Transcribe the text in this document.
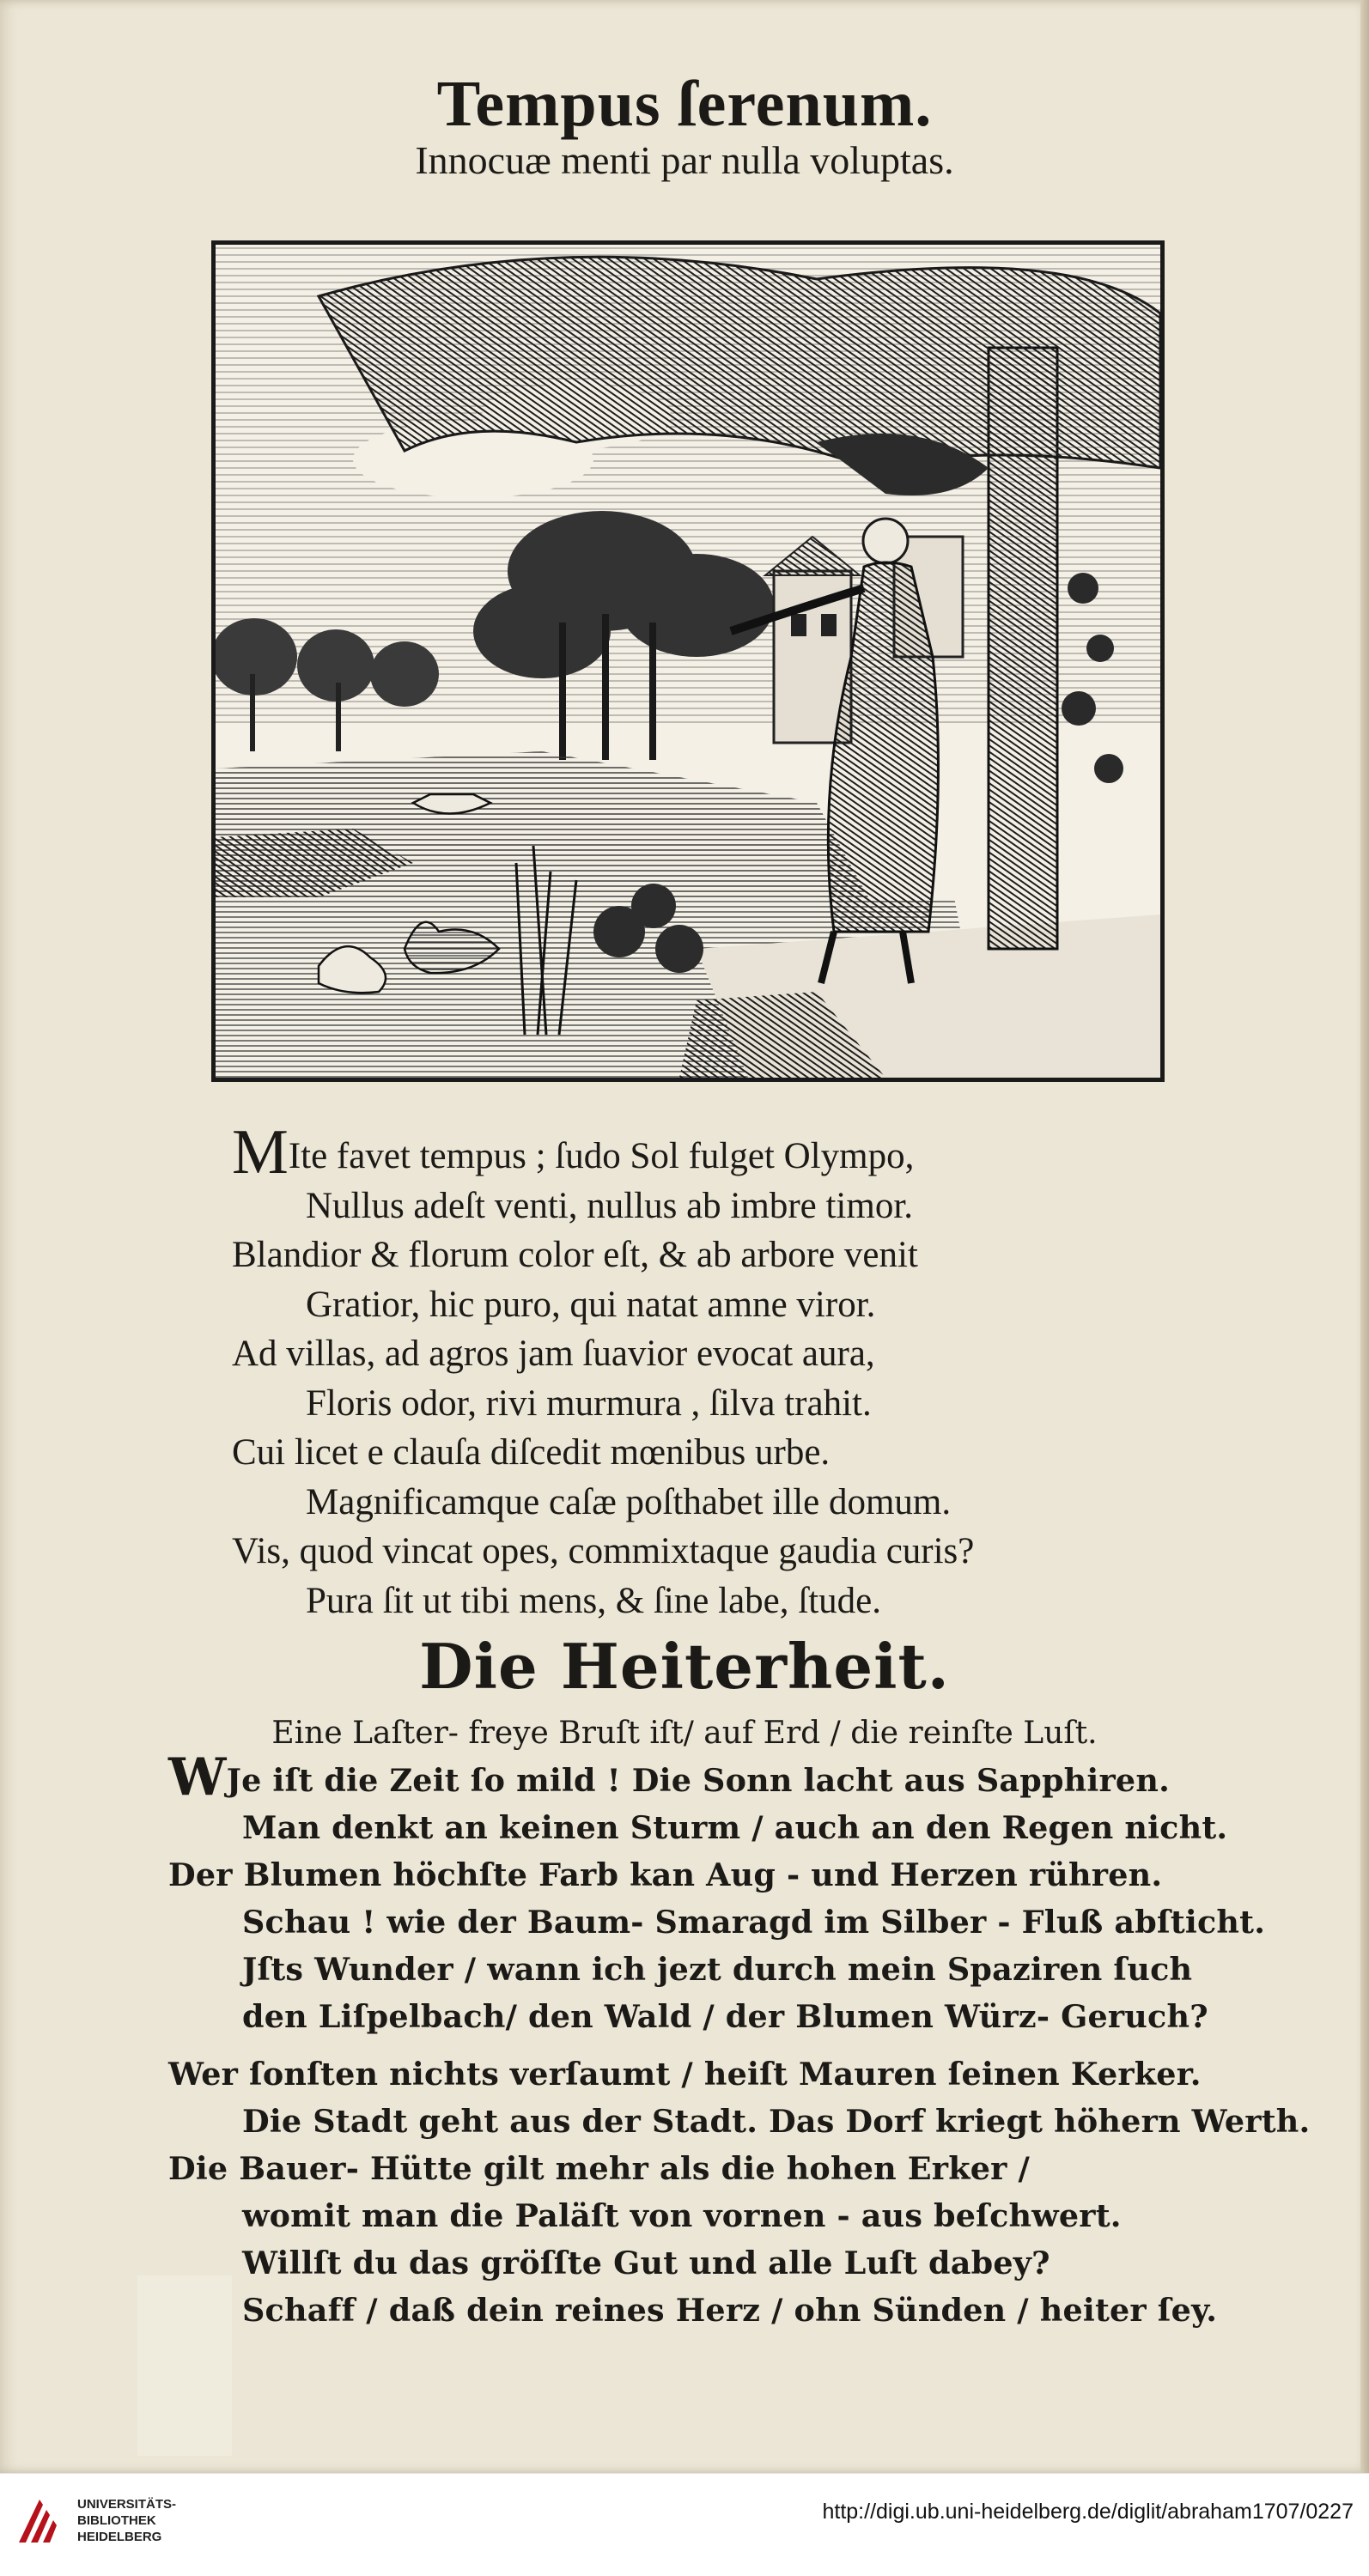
Tempus ſerenum.
Innocuæ menti par nulla voluptas.
MIte favet tempus ; ſudo Sol fulget Olympo,
Nullus adeſt venti, nullus ab imbre timor.
Blandior & florum color eſt, & ab arbore venit
Gratior, hic puro, qui natat amne viror.
Ad villas, ad agros jam ſuavior evocat aura,
Floris odor, rivi murmura , ſilva trahit.
Cui licet e clauſa diſcedit mœnibus urbe.
Magnificamque caſæ poſthabet ille domum.
Vis, quod vincat opes, commixtaque gaudia curis?
Pura ſit ut tibi mens, & ſine labe, ſtude.
Die Heiterheit.
Eine Laſter- freye Bruſt iſt/ auf Erd / die reinſte Luſt.
WJe iſt die Zeit ſo mild ! Die Sonn lacht aus Sapphiren.
Man denkt an keinen Sturm / auch an den Regen nicht.
Der Blumen höchſte Farb kan Aug - und Herzen rühren.
Schau ! wie der Baum- Smaragd im Silber - Fluß abſticht.
Jſts Wunder / wann ich jezt durch mein Spaziren ſuch
den Liſpelbach/ den Wald / der Blumen Würz- Geruch?
Wer ſonſten nichts verſaumt / heiſt Mauren ſeinen Kerker.
Die Stadt geht aus der Stadt. Das Dorf kriegt höhern Werth.
Die Bauer- Hütte gilt mehr als die hohen Erker /
womit man die Paläſt von vornen - aus beſchwert.
Willſt du das gröſſte Gut und alle Luſt dabey?
Schaff / daß dein reines Herz / ohn Sünden / heiter ſey.
UNIVERSITÄTS-
BIBLIOTHEK
HEIDELBERG
http://digi.ub.uni-heidelberg.de/diglit/abraham1707/0227
